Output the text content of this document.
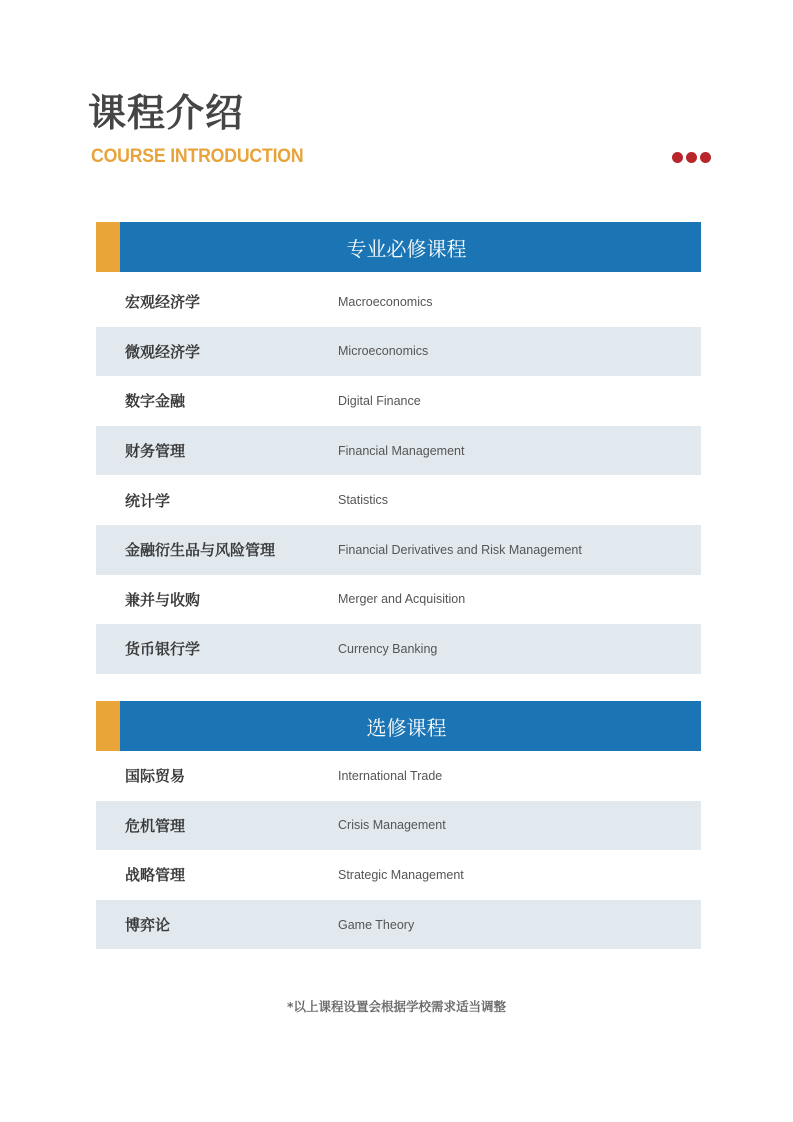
课程介绍
COURSE INTRODUCTION
专业必修课程
宏观经济学	Macroeconomics
微观经济学	Microeconomics
数字金融	Digital Finance
财务管理	Financial Management
统计学	Statistics
金融衍生品与风险管理	Financial Derivatives and Risk Management
兼并与收购	Merger and Acquisition
货币银行学	Currency Banking
选修课程
国际贸易	International Trade
危机管理	Crisis Management
战略管理	Strategic Management
博弈论	Game Theory
*以上课程设置会根据学校需求适当调整
